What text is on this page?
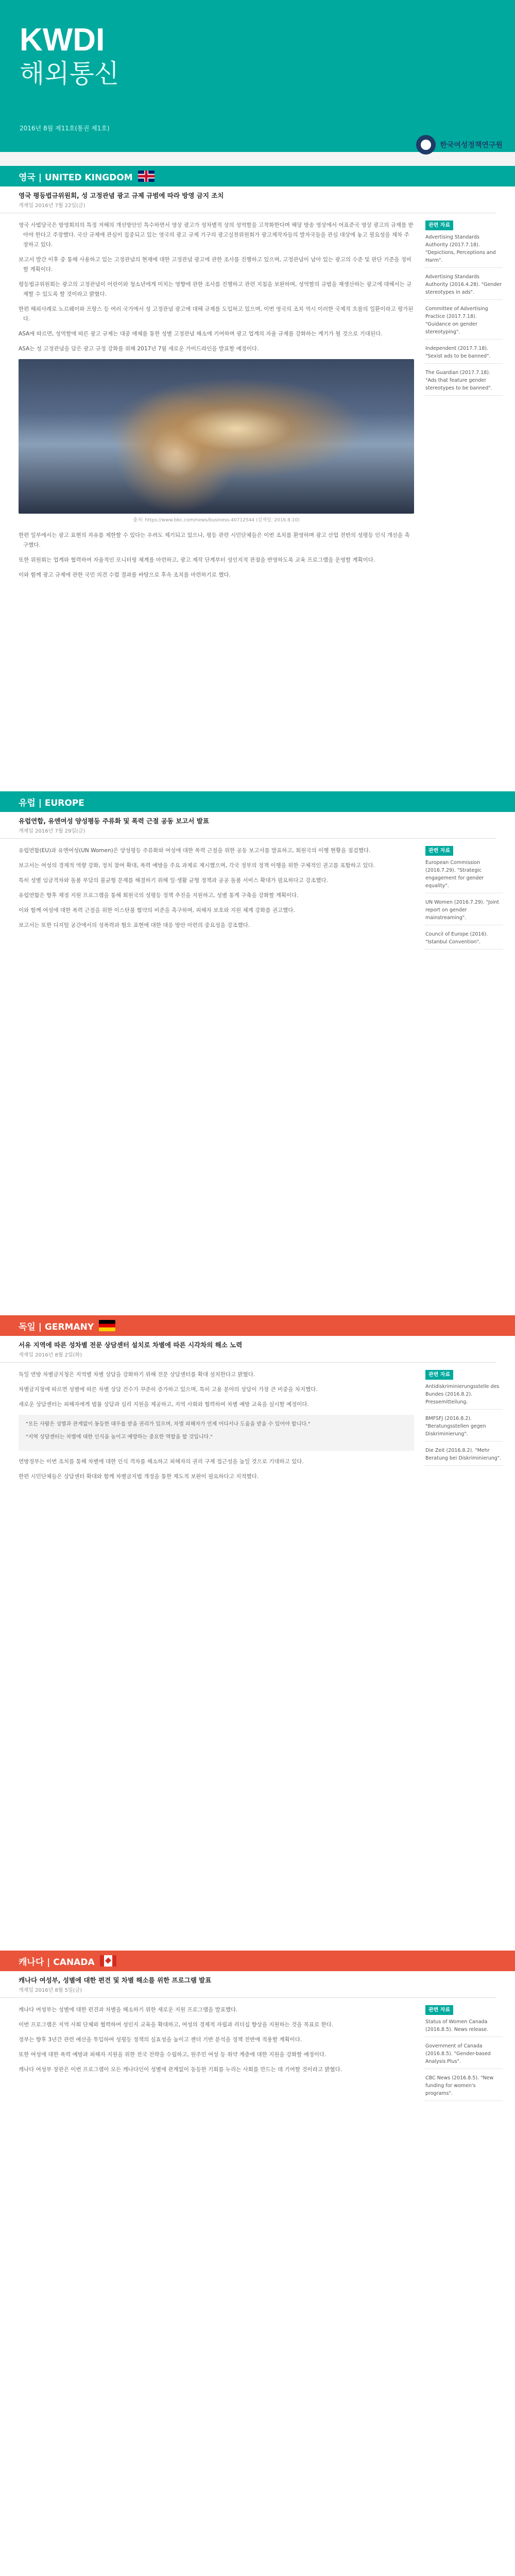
KWDI
해외통신
2016년 8월 제11호(통권 제1호)
한국여성정책연구원
영국 | UNITED KINGDOM
영국 평등법규위원회, 성 고정관념 광고 규제 규범에 따라 방영 금지 조치
게재일 2016년 7월 22일(금)

영국 사법당국은 방영회의의 특정 저해의 개선방안인 특수하면서 영상 광고가 성차별적 상의 성역할을 고착화한다며 해당 방송 영상에서 어표준국 영상 광고의 규제를 받아야 한다고 주장했다. 국산 규제에 관심이 집중되고 있는 영국의 광고 규제 기구의 광고실천위원회가 광고제작자들의 발자국들을 관심 대상에 놓고 필요성을 재차 주장하고 있다.

보고서 발간 이후 중 통해 사용하고 있는 고정관념의 현재에 대한 고정관념 광고에 관한 조사를 진행하고 있으며, 고정관념이 남아 있는 광고의 수준 및 판단 기준을 정비할 계획이다.

평등법규위원회는 광고의 고정관념이 어린이와 청소년에게 미치는 영향에 관한 조사를 진행하고 관련 지침을 보완하며, 성역할의 규범을 재생산하는 광고에 대해서는 규제할 수 있도록 할 것이라고 밝혔다.

한편 해외사례로 노르웨이와 프랑스 등 여러 국가에서 성 고정관념 광고에 대해 규제를 도입하고 있으며, 이번 영국의 조치 역시 이러한 국제적 흐름의 일환이라고 평가된다.

ASA에 따르면, 성역할에 따른 광고 규제는 대중 매체를 통한 성별 고정관념 해소에 기여하며 광고 업계의 자율 규제를 강화하는 계기가 될 것으로 기대된다.

ASA는 성 고정관념을 담은 광고 규정 강화를 위해 2017년 7월 새로운 가이드라인을 발표할 예정이다.

출처: https://www.bbc.com/news/business-40712544 (검색일: 2016.8.10)

한편 일부에서는 광고 표현의 자유를 제한할 수 있다는 우려도 제기되고 있으나, 평등 관련 시민단체들은 이번 조치를 환영하며 광고 산업 전반의 성평등 인식 개선을 촉구했다.

또한 위원회는 업계와 협력하여 자율적인 모니터링 체계를 마련하고, 광고 제작 단계부터 성인지적 관점을 반영하도록 교육 프로그램을 운영할 계획이다.

이와 함께 광고 규제에 관한 국민 의견 수렴 결과를 바탕으로 후속 조치를 마련하기로 했다.

관련 자료
Advertising Standards Authority (2017.7.18). "Depictions, Perceptions and Harm".
Advertising Standards Authority (2016.4.28). "Gender stereotypes in ads".
Committee of Advertising Practice (2017.7.18). "Guidance on gender stereotyping".
Independent (2017.7.18). "Sexist ads to be banned".
The Guardian (2017.7.18). "Ads that feature gender stereotypes to be banned".
유럽 | EUROPE
유럽연합, 유엔여성 양성평등 주류화 및 폭력 근절 공동 보고서 발표
게재일 2016년 7월 29일(금)

유럽연합(EU)과 유엔여성(UN Women)은 양성평등 주류화와 여성에 대한 폭력 근절을 위한 공동 보고서를 발표하고, 회원국의 이행 현황을 점검했다.

보고서는 여성의 경제적 역량 강화, 정치 참여 확대, 폭력 예방을 주요 과제로 제시했으며, 각국 정부의 정책 이행을 위한 구체적인 권고를 포함하고 있다.

특히 성별 임금격차와 돌봄 부담의 불균형 문제를 해결하기 위해 일·생활 균형 정책과 공공 돌봄 서비스 확대가 필요하다고 강조했다.

유럽연합은 향후 재정 지원 프로그램을 통해 회원국의 성평등 정책 추진을 지원하고, 성별 통계 구축을 강화할 계획이다.

이와 함께 여성에 대한 폭력 근절을 위한 이스탄불 협약의 비준을 촉구하며, 피해자 보호와 지원 체계 강화를 권고했다.

보고서는 또한 디지털 공간에서의 성폭력과 혐오 표현에 대한 대응 방안 마련의 중요성을 강조했다.

관련 자료
European Commission (2016.7.29). "Strategic engagement for gender equality".
UN Women (2016.7.29). "Joint report on gender mainstreaming".
Council of Europe (2016). "Istanbul Convention".
독일 | GERMANY
서유 지역에 따른 성차별 전문 상담센터 설치로 차별에 따른 시각차의 해소 노력
게재일 2016년 8월 2일(화)

독일 연방 차별금지청은 지역별 차별 상담을 강화하기 위해 전문 상담센터를 확대 설치한다고 밝혔다.

차별금지청에 따르면 성별에 따른 차별 상담 건수가 꾸준히 증가하고 있으며, 특히 고용 분야의 상담이 가장 큰 비중을 차지했다.

새로운 상담센터는 피해자에게 법률 상담과 심리 지원을 제공하고, 지역 사회와 협력하여 차별 예방 교육을 실시할 예정이다.

"모든 사람은 성별과 관계없이 동등한 대우를 받을 권리가 있으며, 차별 피해자가 언제 어디서나 도움을 받을 수 있어야 합니다."

"지역 상담센터는 차별에 대한 인식을 높이고 예방하는 중요한 역할을 할 것입니다."

연방정부는 이번 조치를 통해 차별에 대한 인식 격차를 해소하고 피해자의 권리 구제 접근성을 높일 것으로 기대하고 있다.

한편 시민단체들은 상담센터 확대와 함께 차별금지법 개정을 통한 제도적 보완이 필요하다고 지적했다.

관련 자료
Antidiskriminierungsstelle des Bundes (2016.8.2). Pressemitteilung.
BMFSFJ (2016.8.2). "Beratungsstellen gegen Diskriminierung".
Die Zeit (2016.8.2). "Mehr Beratung bei Diskriminierung".
캐나다 | CANADA
캐나다 여성부, 성별에 대한 편견 및 차별 해소를 위한 프로그램 발표
게재일 2016년 8월 5일(금)

캐나다 여성부는 성별에 대한 편견과 차별을 해소하기 위한 새로운 지원 프로그램을 발표했다.

이번 프로그램은 지역 사회 단체와 협력하여 성인지 교육을 확대하고, 여성의 경제적 자립과 리더십 향상을 지원하는 것을 목표로 한다.

정부는 향후 3년간 관련 예산을 투입하여 성평등 정책의 실효성을 높이고 젠더 기반 분석을 정책 전반에 적용할 계획이다.

또한 여성에 대한 폭력 예방과 피해자 지원을 위한 전국 전략을 수립하고, 원주민 여성 등 취약 계층에 대한 지원을 강화할 예정이다.

캐나다 여성부 장관은 이번 프로그램이 모든 캐나다인이 성별에 관계없이 동등한 기회를 누리는 사회를 만드는 데 기여할 것이라고 밝혔다.

관련 자료
Status of Women Canada (2016.8.5). News release.
Government of Canada (2016.8.5). "Gender-based Analysis Plus".
CBC News (2016.8.5). "New funding for women's programs".
